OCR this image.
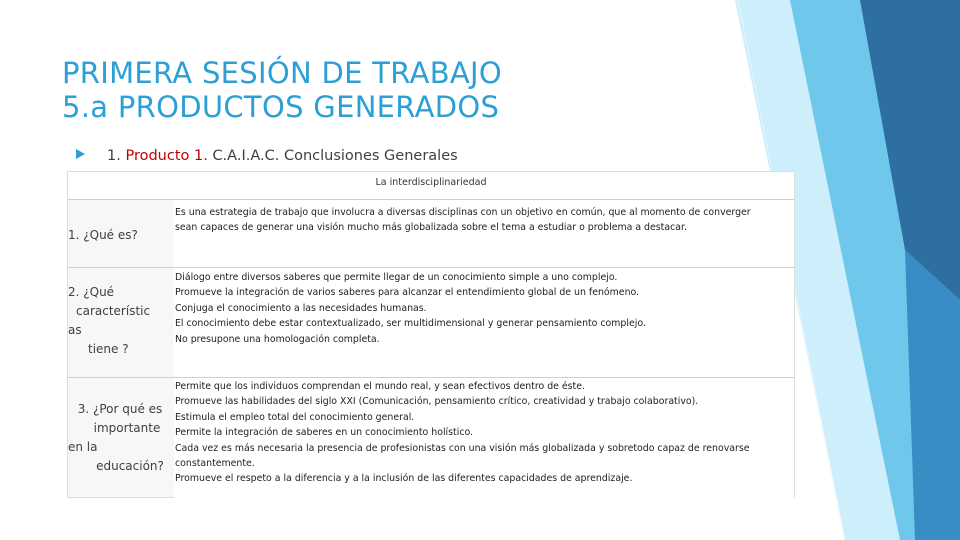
PRIMERA SESIÓN DE TRABAJO
5.a PRODUCTOS GENERADOS
1. Producto 1. C.A.I.A.C. Conclusiones Generales
La interdisciplinariedad
1. ¿Qué es?
Es una estrategia de trabajo que involucra a diversas disciplinas con un objetivo en común, que al momento de converger
sean capaces de generar una visión mucho más globalizada sobre el tema a estudiar o problema a destacar.
2. ¿Qué
característic
as
tiene ?
Diálogo entre diversos saberes que permite llegar de un conocimiento simple a uno complejo.
Promueve la integración de varios saberes para alcanzar el entendimiento global de un fenómeno.
Conjuga el conocimiento a las necesidades humanas.
El conocimiento debe estar contextualizado, ser multidimensional y generar pensamiento complejo.
No presupone una homologación completa.
3. ¿Por qué es
importante
en la
educación?
Permite que los individuos comprendan el mundo real, y sean efectivos dentro de éste.
Promueve las habilidades del siglo XXI (Comunicación, pensamiento crítico, creatividad y trabajo colaborativo).
Estimula el empleo total del conocimiento general.
Permite la integración de saberes en un conocimiento holístico.
Cada vez es más necesaria la presencia de profesionistas con una visión más globalizada y sobretodo capaz de renovarse
constantemente.
Promueve el respeto a la diferencia y a la inclusión de las diferentes capacidades de aprendizaje.
